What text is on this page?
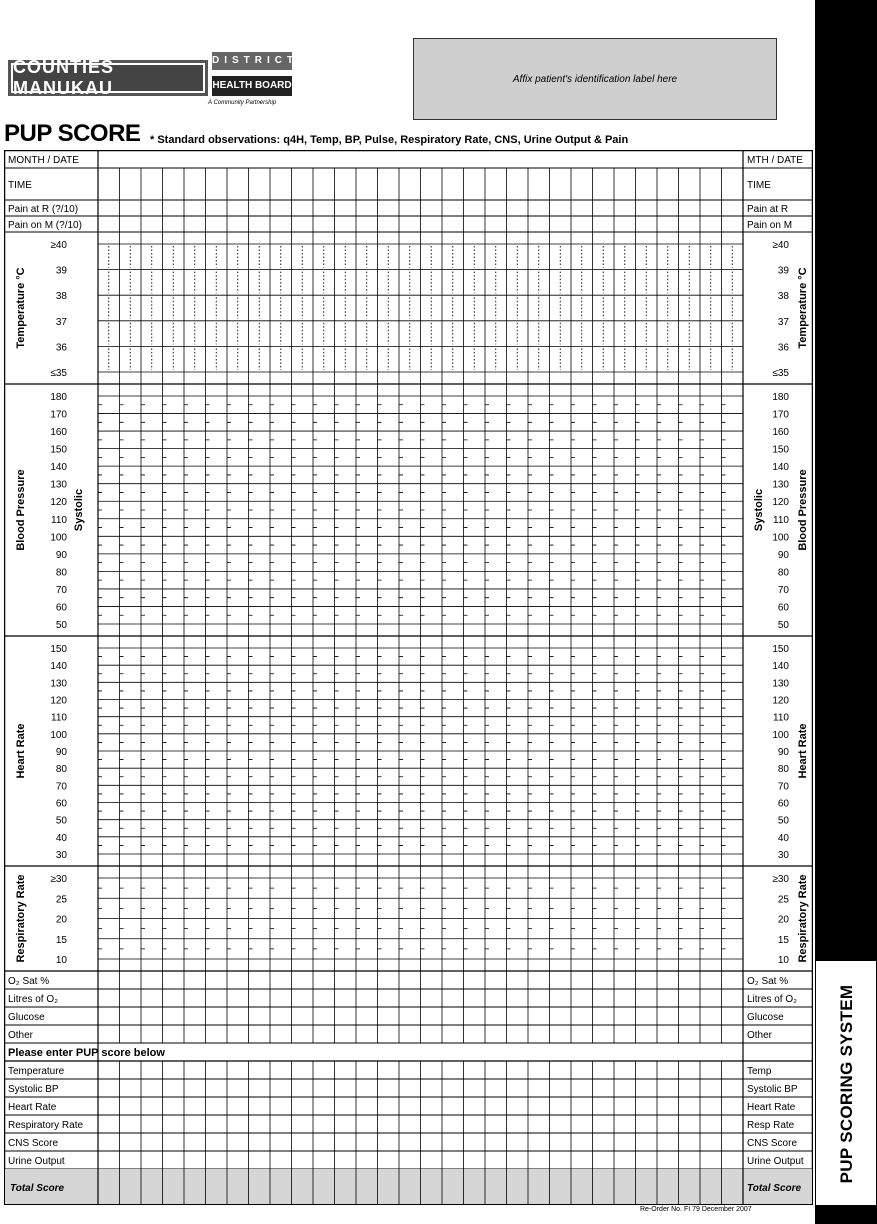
COUNTIES MANUKAU
DISTRICT
HEALTH BOARD
A Community Partnership
Affix patient's identification label here
PUP SCORE * Standard observations: q4H, Temp, BP, Pulse, Respiratory Rate, CNS, Urine Output & Pain
PUP SCORING SYSTEM
MONTH / DATE	MTH / DATE
TIME	TIME
Pain at R (?/10)	Pain at R
Pain on M (?/10)	Pain on M
≥40	≥40
39	39
38	38
37	37
36	36
≤35	≤35
Temperature °C	Temperature °C
180	180
170	170
160	160
150	150
140	140
130	130
120	120
110	110
100	100
90	90
80	80
70	70
60	60
50	50
Blood Pressure	Blood Pressure
Systolic	Systolic
150	150
140	140
130	130
120	120
110	110
100	100
90	90
80	80
70	70
60	60
50	50
40	40
30	30
Heart Rate	Heart Rate
≥30	≥30
25	25
20	20
15	15
10	10
Respiratory Rate	Respiratory Rate
O₂ Sat %	O₂ Sat %
Litres of O₂	Litres of O₂
Glucose	Glucose
Other	Other
Please enter PUP score below
Temperature	Temp
Systolic BP	Systolic BP
Heart Rate	Heart Rate
Respiratory Rate	Resp Rate
CNS Score	CNS Score
Urine Output	Urine Output
Total Score	Total Score
Re-Order No. FI 79 December 2007
